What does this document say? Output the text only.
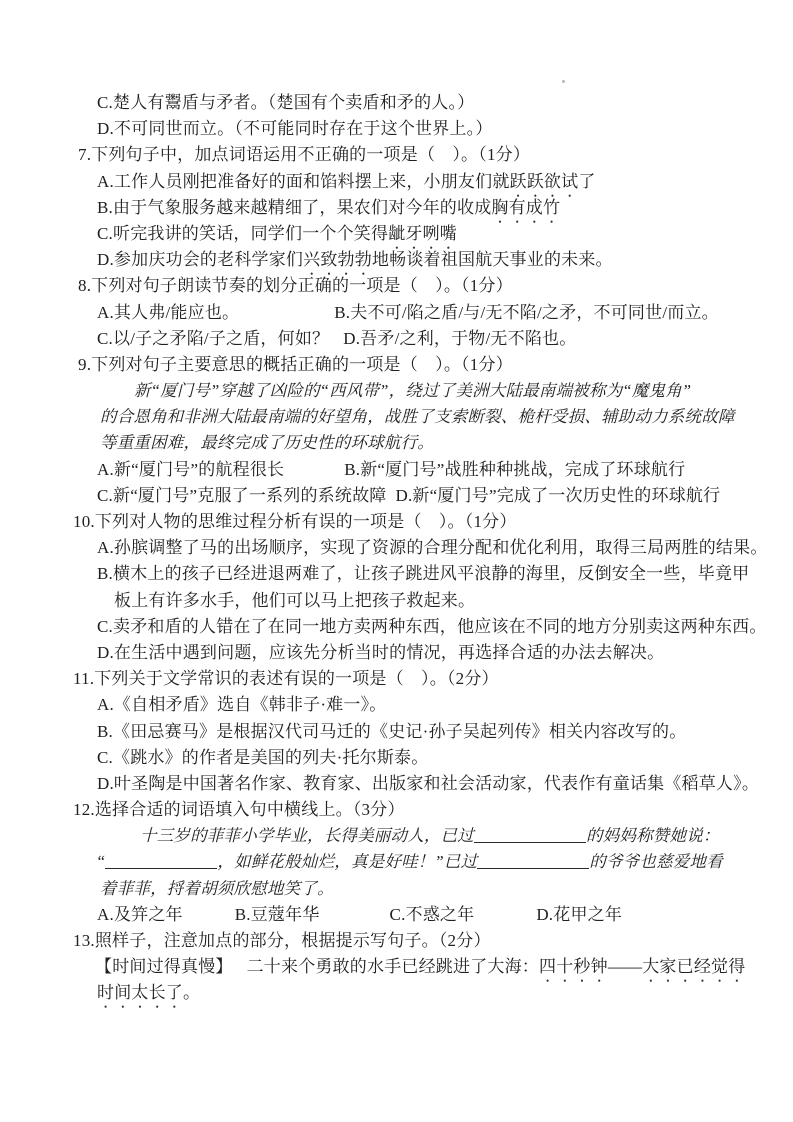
C.楚人有鬻盾与矛者。（楚国有个卖盾和矛的人。）
D.不可同世而立。（不可能同时存在于这个世界上。）
7.下列句子中，加点词语运用不正确的一项是（　）。（1分）
A.工作人员刚把准备好的面和馅料摆上来，小朋友们就跃跃欲试了
B.由于气象服务越来越精细了，果农们对今年的收成胸有成竹
C.听完我讲的笑话，同学们一个个笑得龇牙咧嘴
D.参加庆功会的老科学家们兴致勃勃地畅谈着祖国航天事业的未来。
8.下列对句子朗读节奏的划分正确的一项是（　）。（1分）
A.其人弗/能应也。	B.夫不可/陷之盾/与/无不陷/之矛，不可同世/而立。
C.以/子之矛陷/子之盾，何如？ D.吾矛/之利，于物/无不陷也。
9.下列对句子主要意思的概括正确的一项是（　）。（1分）
新“厦门号”穿越了凶险的“西风带”，绕过了美洲大陆最南端被称为“魔鬼角”
的合恩角和非洲大陆最南端的好望角，战胜了支索断裂、桅杆受损、辅助动力系统故障
等重重困难，最终完成了历史性的环球航行。
A.新“厦门号”的航程很长	B.新“厦门号”战胜种种挑战，完成了环球航行
C.新“厦门号”克服了一系列的系统故障 D.新“厦门号”完成了一次历史性的环球航行
10.下列对人物的思维过程分析有误的一项是（　）。（1分）
A.孙膑调整了马的出场顺序，实现了资源的合理分配和优化利用，取得三局两胜的结果。
B.横木上的孩子已经进退两难了，让孩子跳进风平浪静的海里，反倒安全一些，毕竟甲
板上有许多水手，他们可以马上把孩子救起来。
C.卖矛和盾的人错在了在同一地方卖两种东西，他应该在不同的地方分别卖这两种东西。
D.在生活中遇到问题，应该先分析当时的情况，再选择合适的办法去解决。
11.下列关于文学常识的表述有误的一项是（　）。（2分）
A.《自相矛盾》选自《韩非子·难一》。
B.《田忌赛马》是根据汉代司马迁的《史记·孙子吴起列传》相关内容改写的。
C.《跳水》的作者是美国的列夫·托尔斯泰。
D.叶圣陶是中国著名作家、教育家、出版家和社会活动家，代表作有童话集《稻草人》。
12.选择合适的词语填入句中横线上。（3分）
十三岁的菲菲小学毕业，长得美丽动人，已过	的妈妈称赞她说：
“	，如鲜花般灿烂，真是好哇！”已过	的爷爷也慈爱地看
着菲菲，捋着胡须欣慰地笑了。
A.及笄之年	B.豆蔻年华	C.不惑之年	D.花甲之年
13.照样子，注意加点的部分，根据提示写句子。（2分）
【时间过得真慢】 二十来个勇敢的水手已经跳进了大海：四十秒钟——大家已经觉得
时间太长了。
